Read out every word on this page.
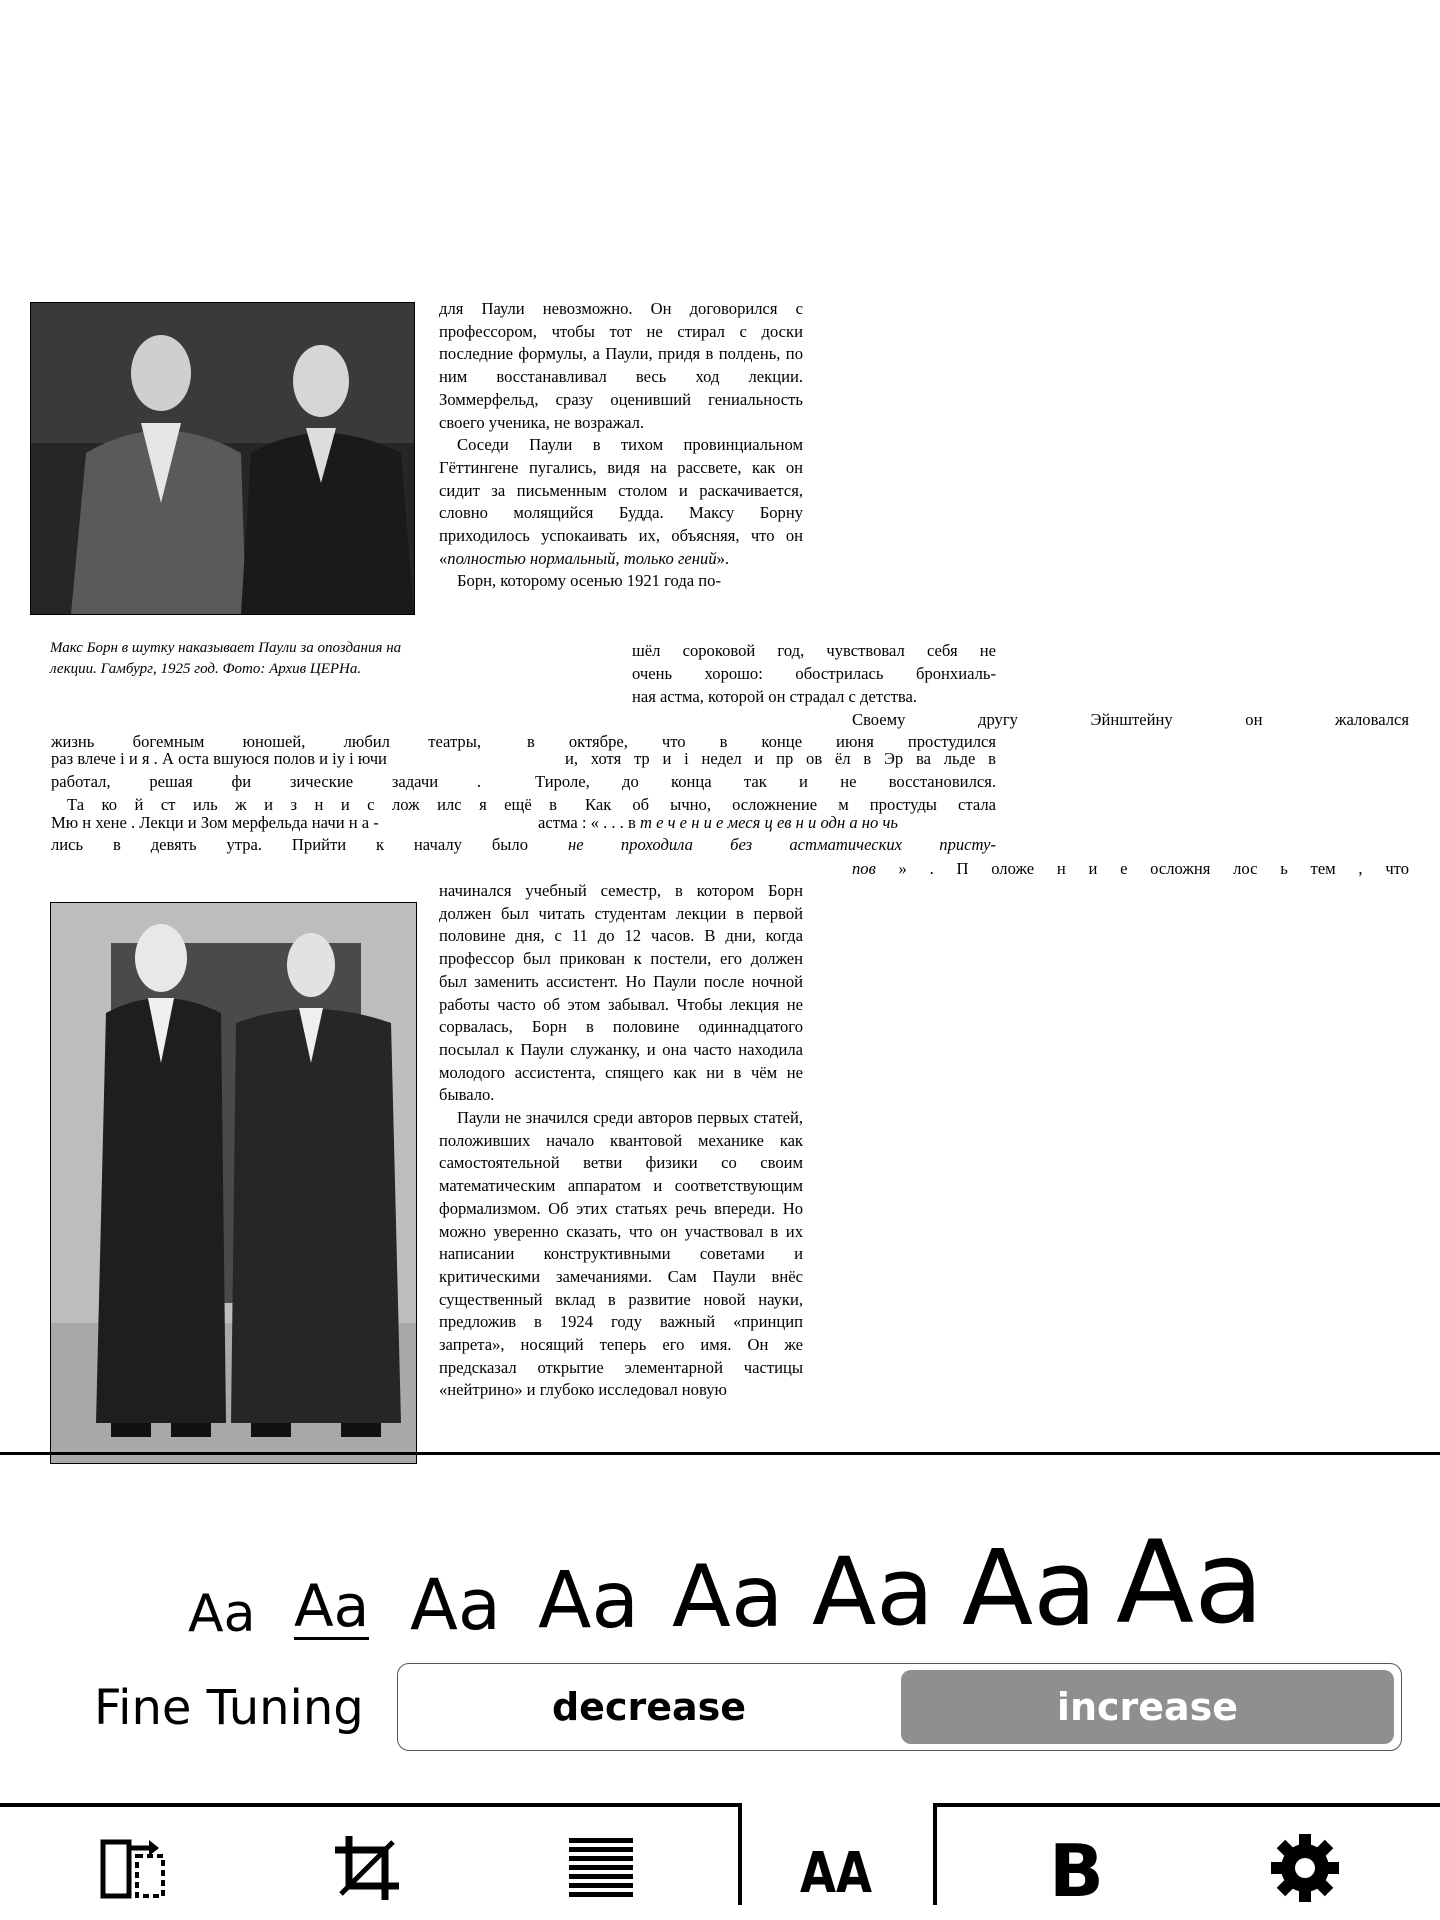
Макс Борн в шутку наказывает Паули за опоздания на лекции. Гамбург, 1925 год. Фото: Архив ЦЕРНа.

для Паули невозможно. Он договорился с профессором, чтобы тот не стирал с доски последние формулы, а Паули, придя в полдень, по ним восстанавливал весь ход лекции. Зоммерфельд, сразу оценивший гениальность своего ученика, не возражал.

Соседи Паули в тихом провинциальном Гёттингене пугались, видя на рассвете, как он сидит за письменным столом и раскачивается, словно молящийся Будда. Максу Борну приходилось успокаивать их, объясняя, что он «полностью нормальный, только гений».

Борн, которому осенью 1921 года по-

шёл сороковой год, чувствовал себя не
очень хорошо: обострилась бронхиаль-
ная астма, которой он страдал с детства.
Своему другу Эйнштейну он жаловался
жизнь богемным юношей, любил театры,
раз влече і и я . А оста вшуюся полов и іу і ючи
работал, решая фи зические задачи .
Та ко й ст иль ж и з н и с лож илс я ещё в
Мю н хене . Лекци и Зом мерфельда начи н а -
лись в девять утра. Прийти к началу было
в октябре, что в конце июня простудился
и, хотя тр и і недел и пр ов ёл в Эр ва льде в
Тироле, до конца так и не восстановился.
Как об ычно, осложнение м простуды стала
астма : « . . . в т е ч е н и е меся ц ев н и одн а но чь
не проходила без астматических присту-
пов » . П оложе н и е осложня лос ь тем , что

начинался учебный семестр, в котором Борн должен был читать студентам лекции в первой половине дня, с 11 до 12 часов. В дни, когда профессор был прикован к постели, его должен был заменить ассистент. Но Паули после ночной работы часто об этом забывал. Чтобы лекция не сорвалась, Борн в половине одиннадцатого посылал к Паули служанку, и она часто находила молодого ассистента, спящего как ни в чём не бывало.

Паули не значился среди авторов первых статей, положивших начало квантовой механике как самостоятельной ветви физики со своим математическим аппаратом и соответствующим формализмом. Об этих статьях речь впереди. Но можно уверенно сказать, что он участвовал в их написании конструктивными советами и критическими замечаниями. Сам Паули внёс существенный вклад в развитие новой науки, предложив в 1924 году важный «принцип запрета», носящий теперь его имя. Он же предсказал открытие элементарной частицы «нейтрино» и глубоко исследовал новую

Aa Aa Aa Aa Aa Aa Aa Aa
Fine Tuning	decrease	increase
AA B
